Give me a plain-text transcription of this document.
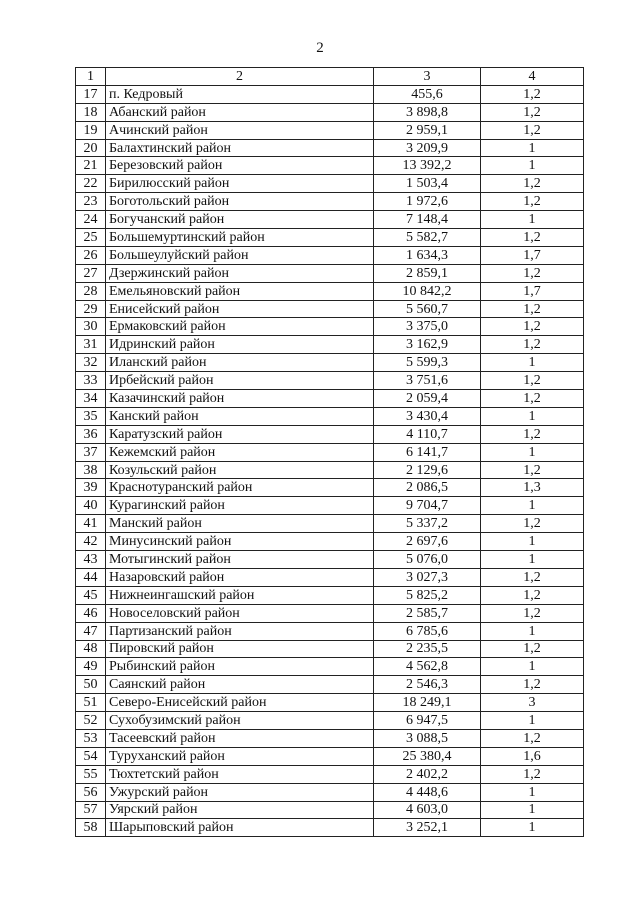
2
1	2	3	4
17	п. Кедровый	455,6	1,2
18	Абанский район	3 898,8	1,2
19	Ачинский район	2 959,1	1,2
20	Балахтинский район	3 209,9	1
21	Березовский район	13 392,2	1
22	Бирилюсский район	1 503,4	1,2
23	Боготольский район	1 972,6	1,2
24	Богучанский район	7 148,4	1
25	Большемуртинский район	5 582,7	1,2
26	Большеулуйский район	1 634,3	1,7
27	Дзержинский район	2 859,1	1,2
28	Емельяновский район	10 842,2	1,7
29	Енисейский район	5 560,7	1,2
30	Ермаковский район	3 375,0	1,2
31	Идринский район	3 162,9	1,2
32	Иланский район	5 599,3	1
33	Ирбейский район	3 751,6	1,2
34	Казачинский район	2 059,4	1,2
35	Канский район	3 430,4	1
36	Каратузский район	4 110,7	1,2
37	Кежемский район	6 141,7	1
38	Козульский район	2 129,6	1,2
39	Краснотуранский район	2 086,5	1,3
40	Курагинский район	9 704,7	1
41	Манский район	5 337,2	1,2
42	Минусинский район	2 697,6	1
43	Мотыгинский район	5 076,0	1
44	Назаровский район	3 027,3	1,2
45	Нижнеингашский район	5 825,2	1,2
46	Новоселовский район	2 585,7	1,2
47	Партизанский район	6 785,6	1
48	Пировский район	2 235,5	1,2
49	Рыбинский район	4 562,8	1
50	Саянский район	2 546,3	1,2
51	Северо-Енисейский район	18 249,1	3
52	Сухобузимский район	6 947,5	1
53	Тасеевский район	3 088,5	1,2
54	Туруханский район	25 380,4	1,6
55	Тюхтетский район	2 402,2	1,2
56	Ужурский район	4 448,6	1
57	Уярский район	4 603,0	1
58	Шарыповский район	3 252,1	1
